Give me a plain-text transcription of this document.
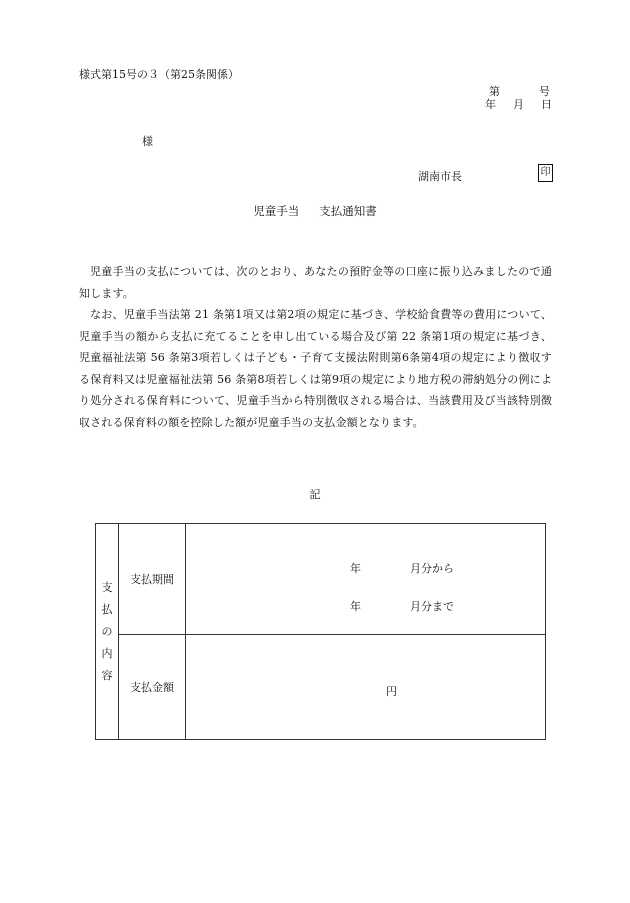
様式第15号の３（第25条関係）
第	号
年 月 日
様
湖南市長	印
児童手当 支払通知書

児童手当の支払については、次のとおり、あなたの預貯金等の口座に振り込みましたので通知します。

なお、児童手当法第 21 条第1項又は第2項の規定に基づき、学校給食費等の費用について、児童手当の額から支払に充てることを申し出ている場合及び第 22 条第1項の規定に基づき、児童福祉法第 56 条第3項若しくは子ども・子育て支援法附則第6条第4項の規定により徴収する保育料又は児童福祉法第 56 条第8項若しくは第9項の規定により地方税の滞納処分の例により処分される保育料について、児童手当から特別徴収される場合は、当該費用及び当該特別徴収される保育料の額を控除した額が児童手当の支払金額となります。

記
支
払
の
内
容	支払期間	年 月分から
年 月分まで

	支払金額	円
